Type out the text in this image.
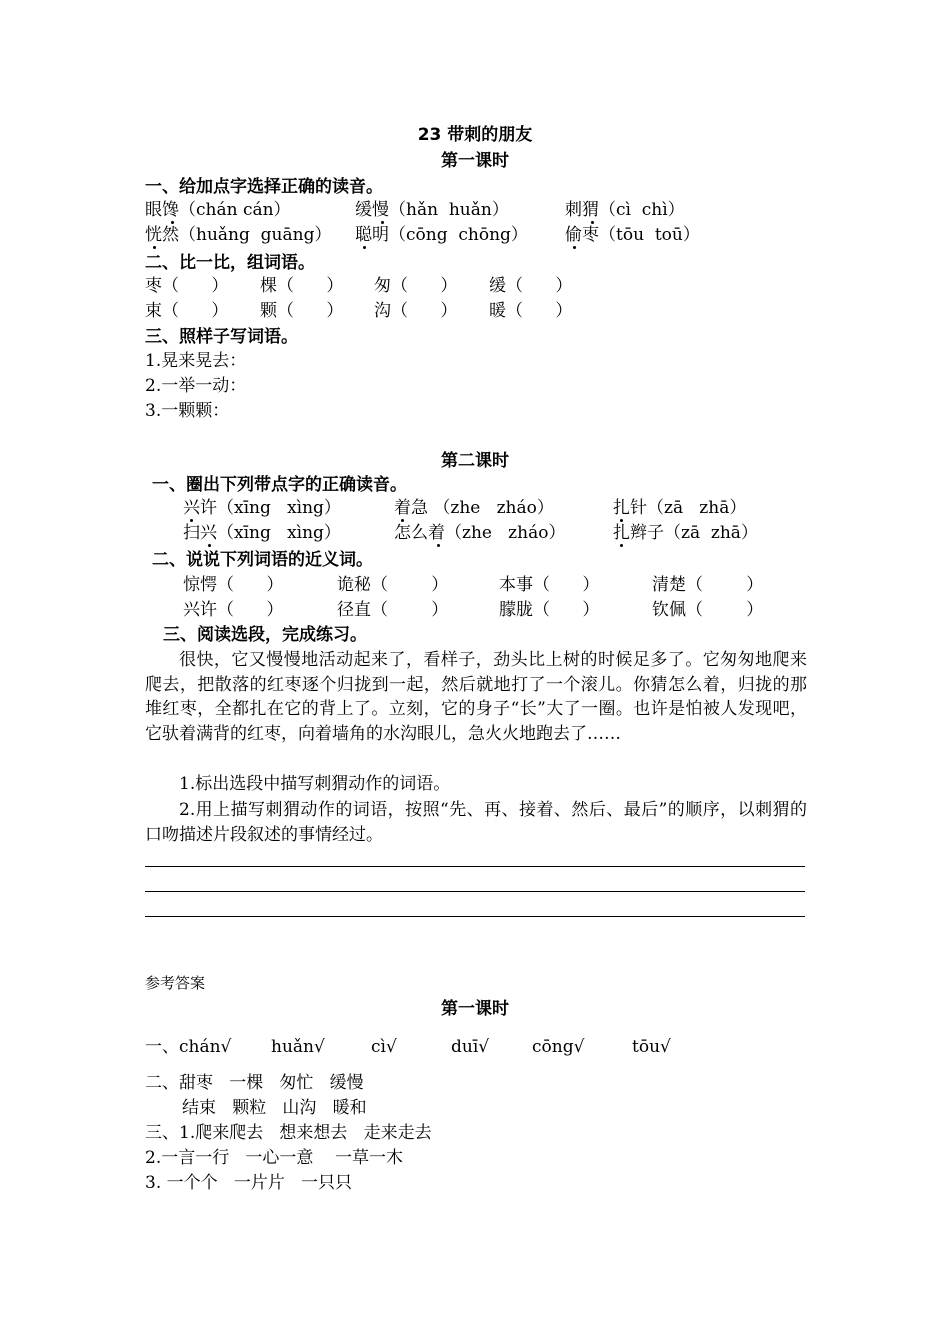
23 带刺的朋友
第一课时
一、给加点字选择正确的读音。
眼馋（chán cán）	缓慢（hǎn  huǎn）	刺猬（cì  chì）
恍然（huǎng  guāng） 聪明（cōng  chōng） 偷枣（tōu  toū）
二、比一比，组词语。
枣（      ） 棵（      ） 匆（      ） 缓（      ）
束（      ） 颗（      ） 沟（      ） 暖（      ）
三、照样子写词语。
1.晃来晃去：
2.一举一动：
3.一颗颗：
第二课时
一、圈出下列带点字的正确读音。
兴许（xīng   xìng）	着急 （zhe   zháo）	扎针（zā   zhā）
扫兴（xīng   xìng）	怎么着（zhe   zháo）	扎辫子（zā  zhā）
二、说说下列词语的近义词。
惊愕（      ）	诡秘（        ）	本事（      ）	清楚（        ）
兴许（      ）	径直（        ）	朦胧（      ）	钦佩（        ）
三、阅读选段，完成练习。
很快，它又慢慢地活动起来了，看样子，劲头比上树的时候足多了。它匆匆地爬来爬去，把散落的红枣逐个归拢到一起，然后就地打了一个滚儿。你猜怎么着，归拢的那堆红枣，全都扎在它的背上了。立刻，它的身子“长”大了一圈。也许是怕被人发现吧，它驮着满背的红枣，向着墙角的水沟眼儿，急火火地跑去了……
1.标出选段中描写刺猬动作的词语。
2.用上描写刺猬动作的词语，按照“先、再、接着、然后、最后”的顺序，以刺猬的口吻描述片段叙述的事情经过。
参考答案
第一课时
一、chán√ huǎn√	cì√	duī√	cōng√	tōu√
二、甜枣   一棵   匆忙   缓慢
结束   颗粒   山沟   暖和
三、1.爬来爬去   想来想去   走来走去
2.一言一行   一心一意    一草一木
3. 一个个   一片片   一只只
